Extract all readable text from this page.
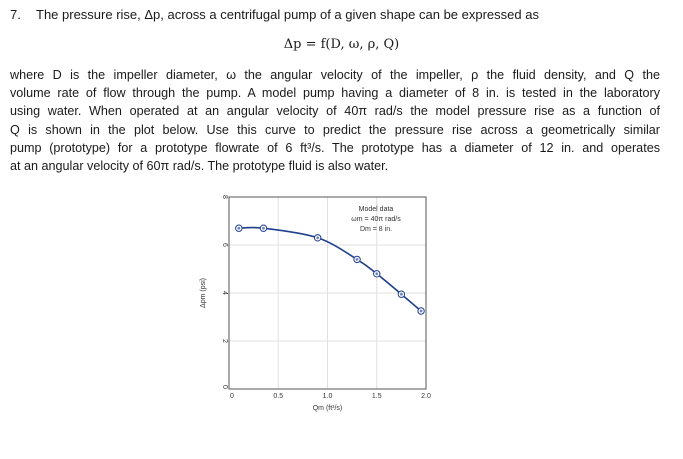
7. The pressure rise, Δp, across a centrifugal pump of a given shape can be expressed as
Δp = f(D, ω, ρ, Q)
where D is the impeller diameter, ω the angular velocity of the impeller, ρ the fluid density, and Q the
volume rate of flow through the pump. A model pump having a diameter of 8 in. is tested in the laboratory
using water. When operated at an angular velocity of 40π rad/s the model pressure rise as a function of
Q is shown in the plot below. Use this curve to predict the pressure rise across a geometrically similar
pump (prototype) for a prototype flowrate of 6 ft³/s. The prototype has a diameter of 12 in. and operates
at an angular velocity of 60π rad/s. The prototype fluid is also water.
0	0.5	1.0	1.5	2.0
0
2
4
6
8
Qm (ft³/s)
Δpm (psi)
Model data
ωm = 40π rad/s
Dm = 8 in.
